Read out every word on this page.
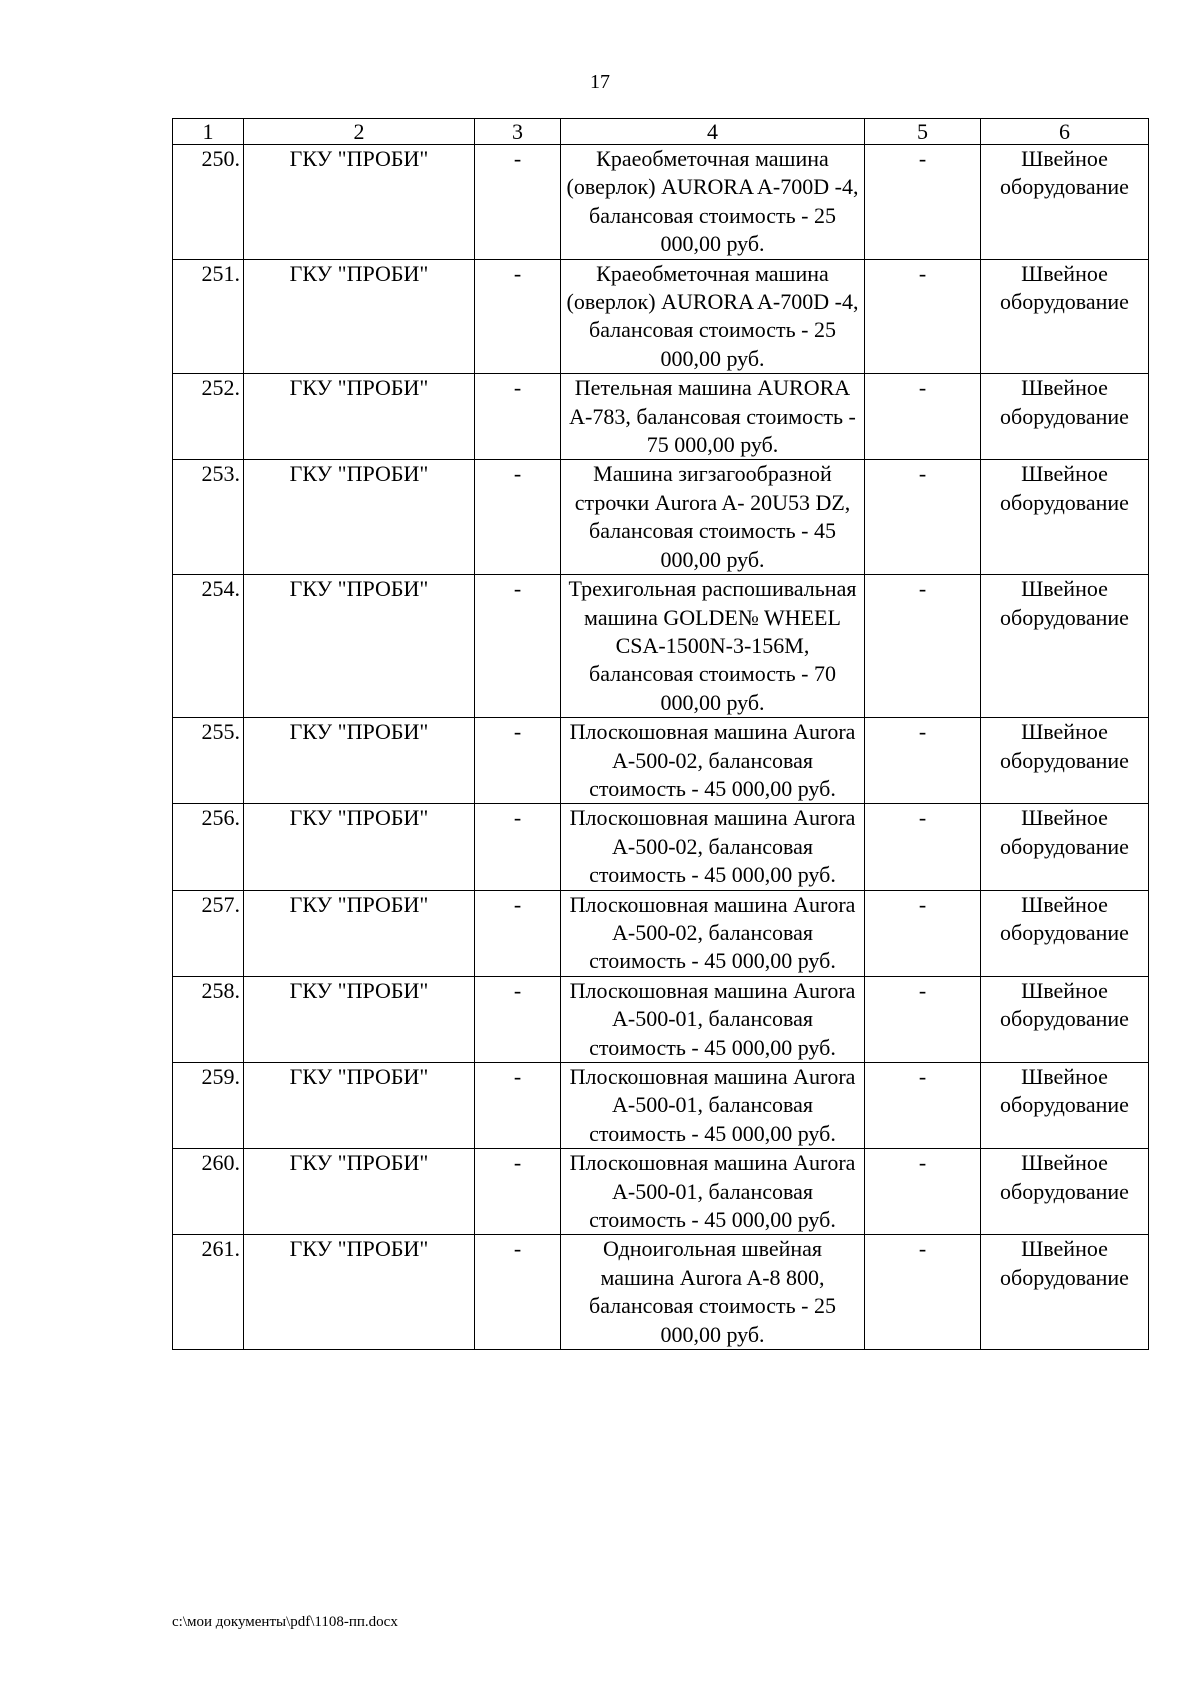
17
1	2	3	4	5	6
250.	ГКУ "ПРОБИ"	-	Краеобметочная машина (оверлок) AURORA A-700D -4, балансовая стоимость - 25 000,00 руб.	-	Швейное оборудование
251.	ГКУ "ПРОБИ"	-	Краеобметочная машина (оверлок) AURORA A-700D -4, балансовая стоимость - 25 000,00 руб.	-	Швейное оборудование
252.	ГКУ "ПРОБИ"	-	Петельная машина AURORA A-783, балансовая стоимость - 75 000,00 руб.	-	Швейное оборудование
253.	ГКУ "ПРОБИ"	-	Машина зигзагообразной строчки Aurora A- 20U53 DZ, балансовая стоимость - 45 000,00 руб.	-	Швейное оборудование
254.	ГКУ "ПРОБИ"	-	Трехигольная распошивальная машина GOLDE№ WHEEL CSA-1500N-3-156M, балансовая стоимость - 70 000,00 руб.	-	Швейное оборудование
255.	ГКУ "ПРОБИ"	-	Плоскошовная машина Aurora A-500-02, балансовая стоимость - 45 000,00 руб.	-	Швейное оборудование
256.	ГКУ "ПРОБИ"	-	Плоскошовная машина Aurora A-500-02, балансовая стоимость - 45 000,00 руб.	-	Швейное оборудование
257.	ГКУ "ПРОБИ"	-	Плоскошовная машина Aurora A-500-02, балансовая стоимость - 45 000,00 руб.	-	Швейное оборудование
258.	ГКУ "ПРОБИ"	-	Плоскошовная машина Aurora A-500-01, балансовая стоимость - 45 000,00 руб.	-	Швейное оборудование
259.	ГКУ "ПРОБИ"	-	Плоскошовная машина Aurora A-500-01, балансовая стоимость - 45 000,00 руб.	-	Швейное оборудование
260.	ГКУ "ПРОБИ"	-	Плоскошовная машина Aurora A-500-01, балансовая стоимость - 45 000,00 руб.	-	Швейное оборудование
261.	ГКУ "ПРОБИ"	-	Одноигольная швейная машина Aurora A-8 800, балансовая стоимость - 25 000,00 руб.	-	Швейное оборудование
c:\мои документы\pdf\1108-пп.docx
